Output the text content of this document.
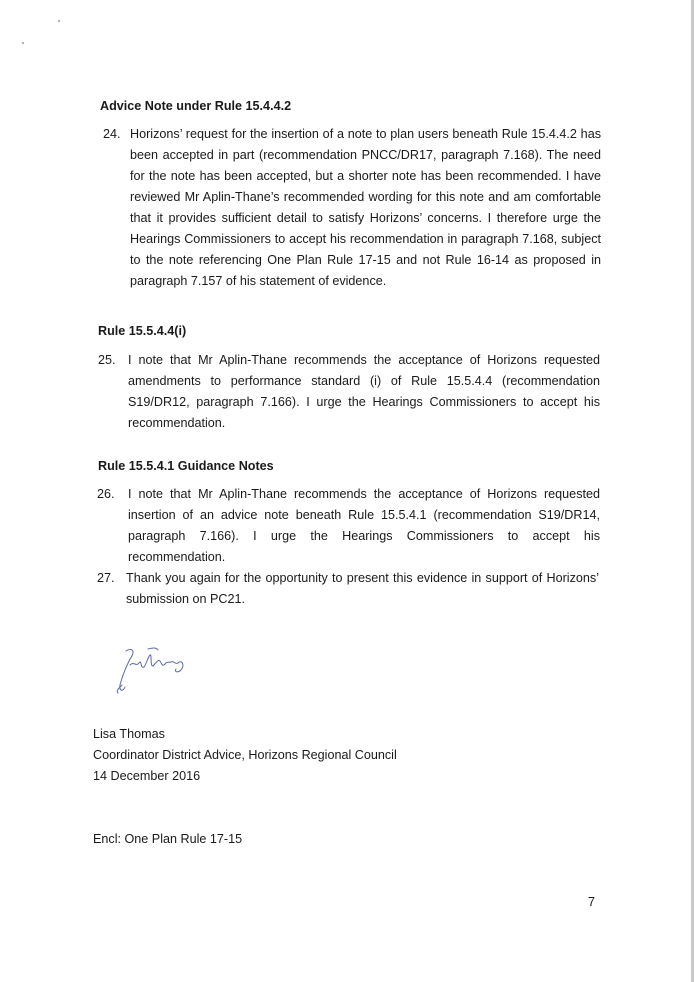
Advice Note under Rule 15.4.4.2
24. Horizons’ request for the insertion of a note to plan users beneath Rule 15.4.4.2 has been accepted in part (recommendation PNCC/DR17, paragraph 7.168). The need for the note has been accepted, but a shorter note has been recommended. I have reviewed Mr Aplin-Thane’s recommended wording for this note and am comfortable that it provides sufficient detail to satisfy Horizons’ concerns. I therefore urge the Hearings Commissioners to accept his recommendation in paragraph 7.168, subject to the note referencing One Plan Rule 17-15 and not Rule 16-14 as proposed in paragraph 7.157 of his statement of evidence.
Rule 15.5.4.4(i)
25. I note that Mr Aplin-Thane recommends the acceptance of Horizons requested amendments to performance standard (i) of Rule 15.5.4.4 (recommendation S19/DR12, paragraph 7.166). I urge the Hearings Commissioners to accept his recommendation.
Rule 15.5.4.1 Guidance Notes
26. I note that Mr Aplin-Thane recommends the acceptance of Horizons requested insertion of an advice note beneath Rule 15.5.4.1 (recommendation S19/DR14, paragraph 7.166). I urge the Hearings Commissioners to accept his recommendation.
27. Thank you again for the opportunity to present this evidence in support of Horizons’ submission on PC21.
Lisa Thomas
Coordinator District Advice, Horizons Regional Council
14 December 2016
Encl: One Plan Rule 17-15
7
